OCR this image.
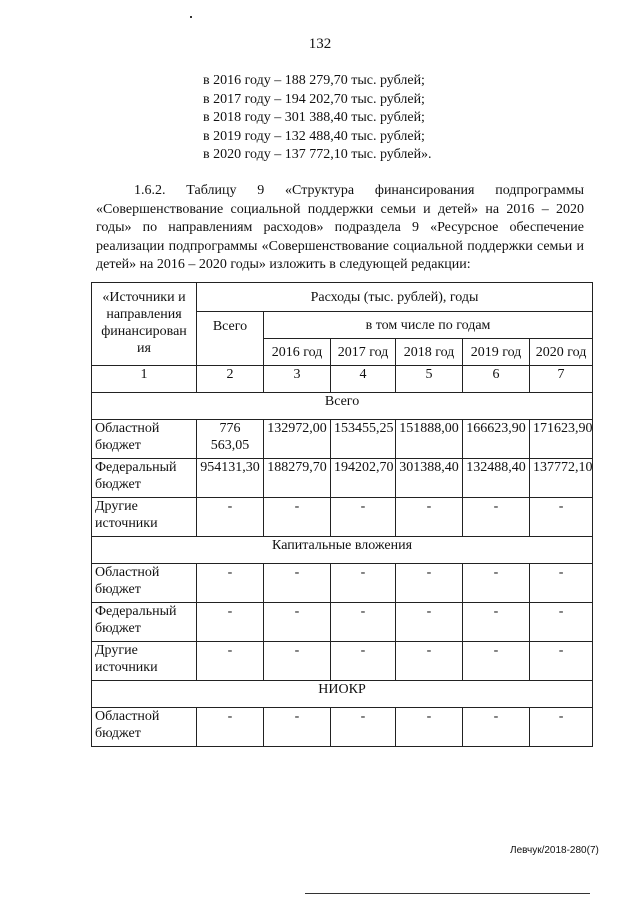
132
в 2016 году – 188 279,70 тыс. рублей;
в 2017 году – 194 202,70 тыс. рублей;
в 2018 году – 301 388,40 тыс. рублей;
в 2019 году – 132 488,40 тыс. рублей;
в 2020 году – 137 772,10 тыс. рублей».
1.6.2. Таблицу 9 «Структура финансирования подпрограммы «Совершенствование социальной поддержки семьи и детей» на 2016 – 2020 годы» по направлениям расходов» подраздела 9 «Ресурсное обеспечение реализации подпрограммы «Совершенствование социальной поддержки семьи и детей» на 2016 – 2020 годы» изложить в следующей редакции:
«Источники и направления финансирован ия	Расходы (тыс. рублей), годы					
	Всего	в том числе по годам				
		2016 год	2017 год	2018 год	2019 год	2020 год
1	2	3	4	5	6	7
Всего						
Областной бюджет	776 563,05	132972,00	153455,25	151888,00	166623,90	171623,90
Федеральный бюджет	954131,30	188279,70	194202,70	301388,40	132488,40	137772,10
Другие источники	-	-	-	-	-	-
Капитальные вложения						
Областной бюджет	-	-	-	-	-	-
Федеральный бюджет	-	-	-	-	-	-
Другие источники	-	-	-	-	-	-
НИОКР						
Областной бюджет	-	-	-	-	-	-
Левчук/2018-280(7)
